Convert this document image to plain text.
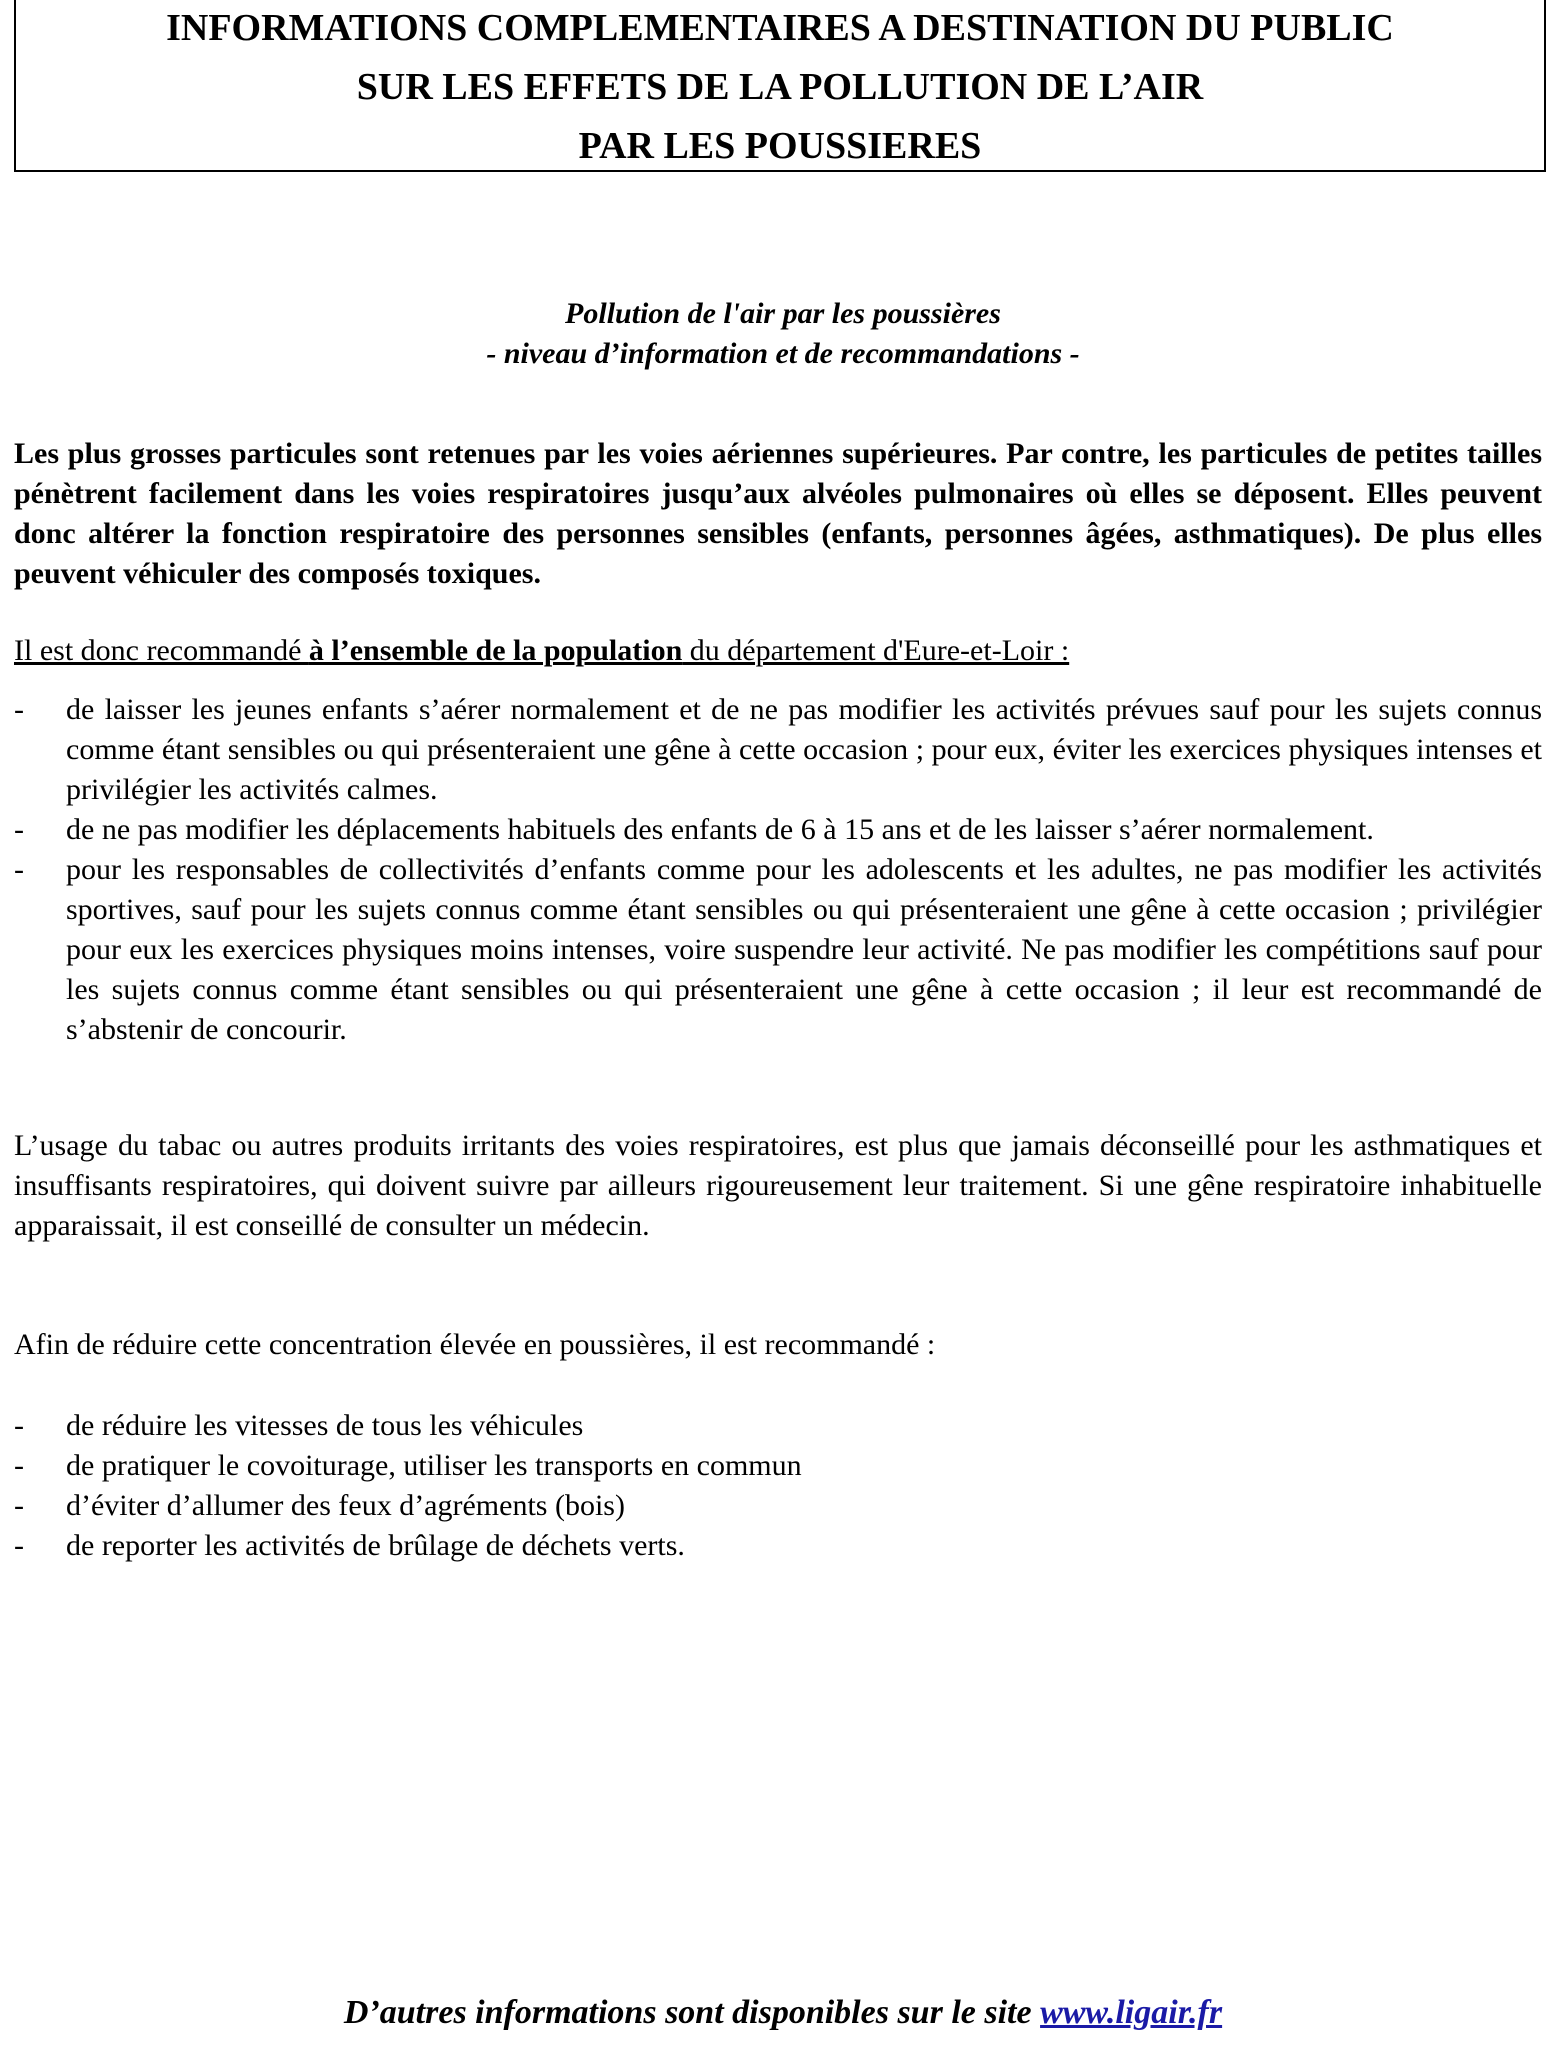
INFORMATIONS COMPLEMENTAIRES A DESTINATION DU PUBLIC
SUR LES EFFETS DE LA POLLUTION DE L’AIR
PAR LES POUSSIERES
Pollution de l'air par les poussières
- niveau d’information et de recommandations -
Les plus grosses particules sont retenues par les voies aériennes supérieures. Par contre, les particules de petites tailles pénètrent facilement dans les voies respiratoires jusqu’aux alvéoles pulmonaires où elles se déposent. Elles peuvent donc altérer la fonction respiratoire des personnes sensibles (enfants, personnes âgées, asthmatiques). De plus elles peuvent véhiculer des composés toxiques.
Il est donc recommandé à l’ensemble de la population du département d'Eure-et-Loir :
- de laisser les jeunes enfants s’aérer normalement et de ne pas modifier les activités prévues sauf pour les sujets connus comme étant sensibles ou qui présenteraient une gêne à cette occasion ; pour eux, éviter les exercices physiques intenses et privilégier les activités calmes.
- de ne pas modifier les déplacements habituels des enfants de 6 à 15 ans et de les laisser s’aérer normalement.
- pour les responsables de collectivités d’enfants comme pour les adolescents et les adultes, ne pas modifier les activités sportives, sauf pour les sujets connus comme étant sensibles ou qui présenteraient une gêne à cette occasion ; privilégier pour eux les exercices physiques moins intenses, voire suspendre leur activité. Ne pas modifier les compétitions sauf pour les sujets connus comme étant sensibles ou qui présenteraient une gêne à cette occasion ; il leur est recommandé de s’abstenir de concourir.
L’usage du tabac ou autres produits irritants des voies respiratoires, est plus que jamais déconseillé pour les asthmatiques et insuffisants respiratoires, qui doivent suivre par ailleurs rigoureusement leur traitement. Si une gêne respiratoire inhabituelle apparaissait, il est conseillé de consulter un médecin.
Afin de réduire cette concentration élevée en poussières, il est recommandé :
- de réduire les vitesses de tous les véhicules
- de pratiquer le covoiturage, utiliser les transports en commun
- d’éviter d’allumer des feux d’agréments (bois)
- de reporter les activités de brûlage de déchets verts.
D’autres informations sont disponibles sur le site www.ligair.fr
